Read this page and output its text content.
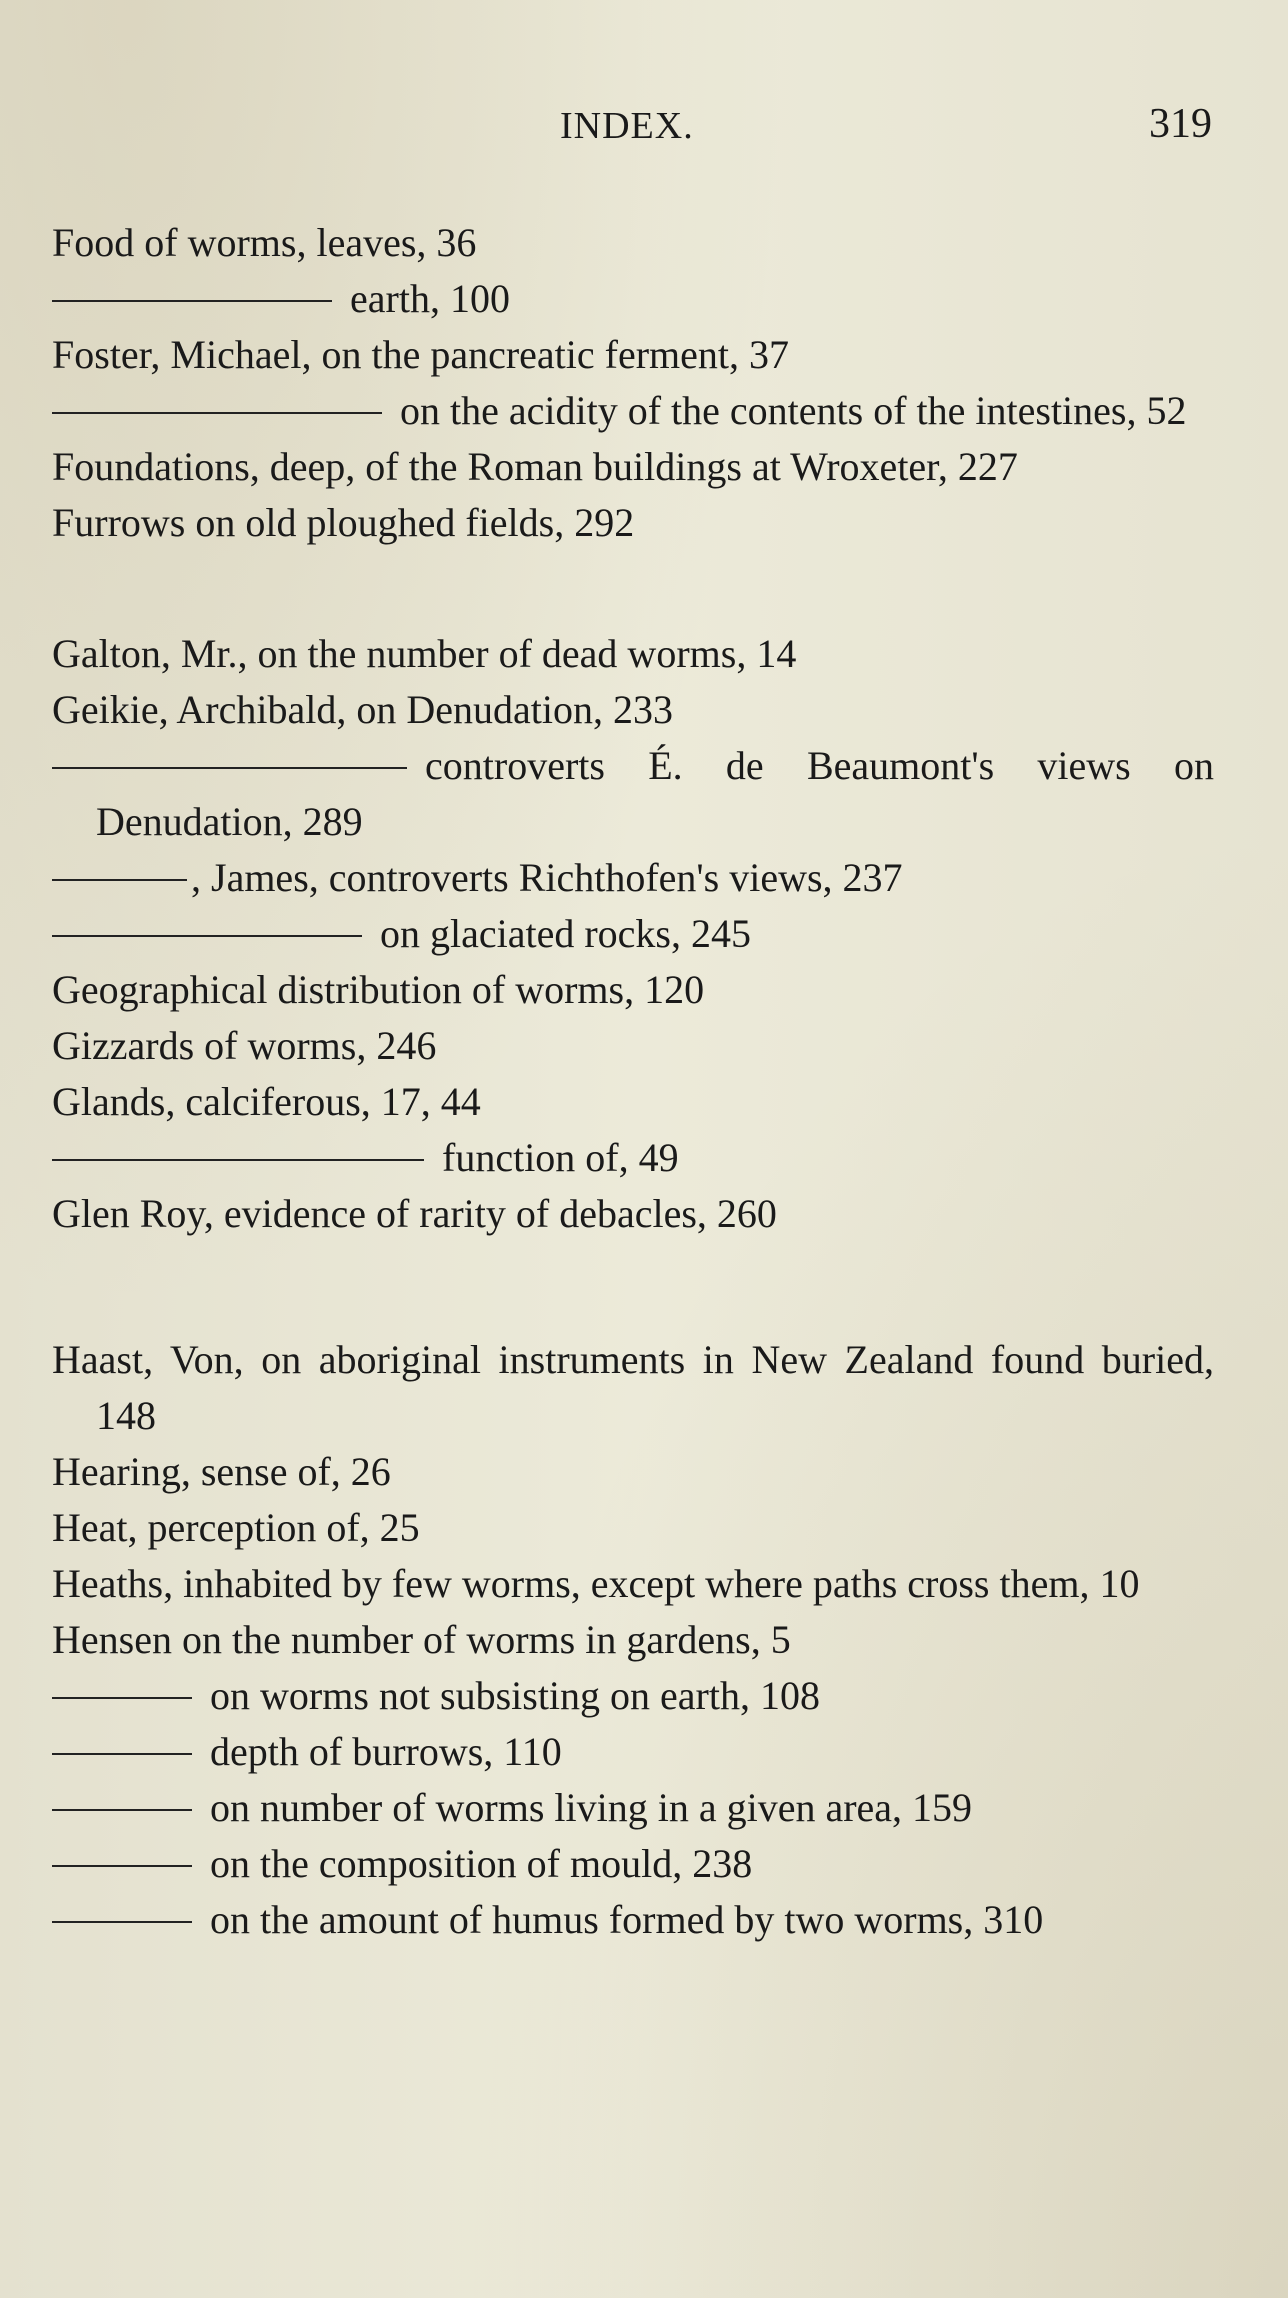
INDEX.	319

Food of worms, leaves, 36

earth, 100

Foster, Michael, on the pancreatic ferment, 37

on the acidity of the contents of the intestines, 52

Foundations, deep, of the Roman buildings at Wroxeter, 227

Furrows on old ploughed fields, 292

Galton, Mr., on the number of dead worms, 14

Geikie, Archibald, on Denudation, 233

controverts É. de Beaumont's views on Denudation, 289

, James, controverts Richthofen's views, 237

on glaciated rocks, 245

Geographical distribution of worms, 120

Gizzards of worms, 246

Glands, calciferous, 17, 44

function of, 49

Glen Roy, evidence of rarity of debacles, 260

Haast, Von, on aboriginal instruments in New Zealand found buried, 148

Hearing, sense of, 26

Heat, perception of, 25

Heaths, inhabited by few worms, except where paths cross them, 10

Hensen on the number of worms in gardens, 5

on worms not subsisting on earth, 108

depth of burrows, 110

on number of worms living in a given area, 159

on the composition of mould, 238

on the amount of humus formed by two worms, 310
